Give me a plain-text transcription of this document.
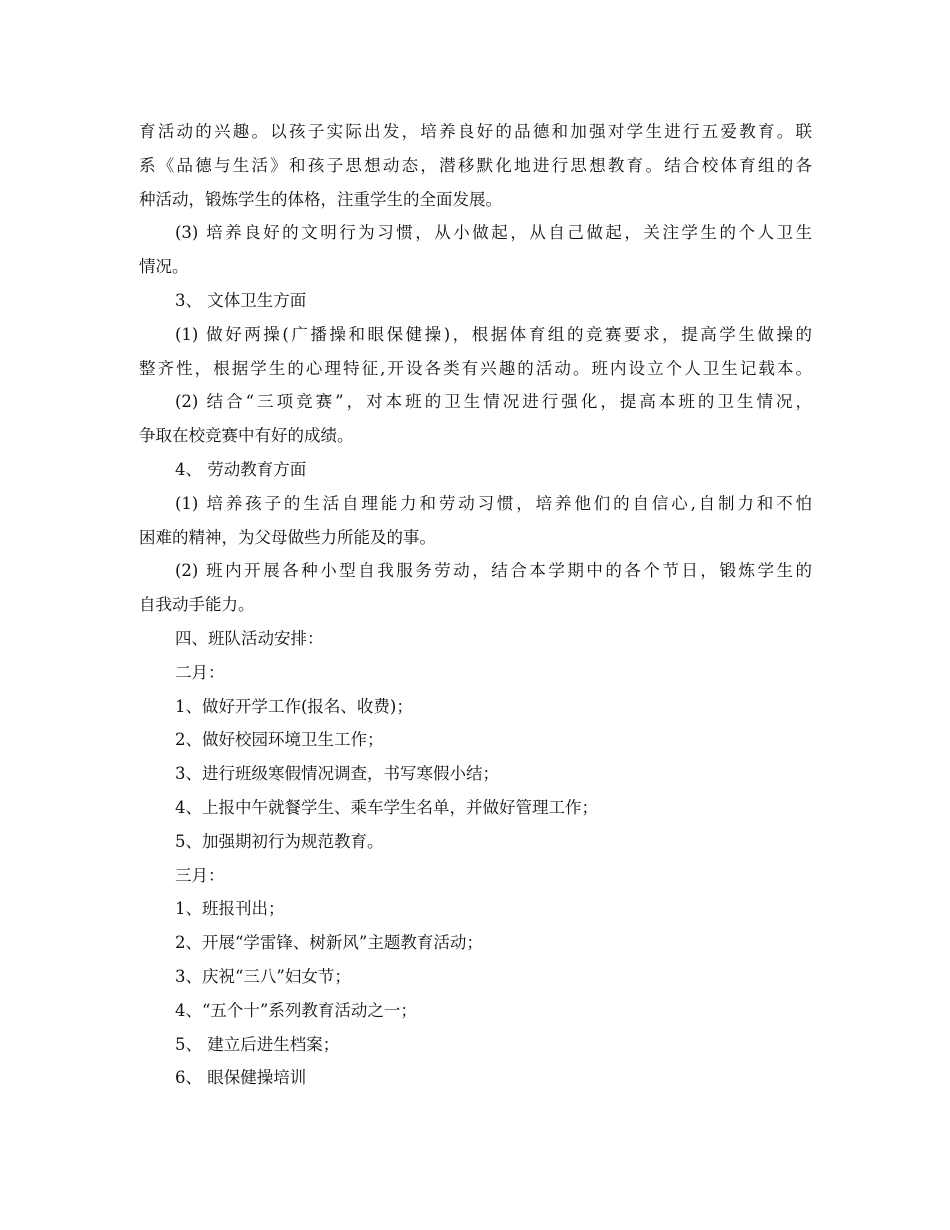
育活动的兴趣。以孩子实际出发，培养良好的品德和加强对学生进行五爱教育。联
系《品德与生活》和孩子思想动态，潜移默化地进行思想教育。结合校体育组的各
种活动，锻炼学生的体格，注重学生的全面发展。
(3) 培养良好的文明行为习惯，从小做起，从自己做起，关注学生的个人卫生
情况。
3、 文体卫生方面
(1) 做好两操(广播操和眼保健操)，根据体育组的竞赛要求，提高学生做操的
整齐性，根据学生的心理特征,开设各类有兴趣的活动。班内设立个人卫生记载本。
(2) 结合“三项竞赛”，对本班的卫生情况进行强化，提高本班的卫生情况，
争取在校竞赛中有好的成绩。
4、 劳动教育方面
(1) 培养孩子的生活自理能力和劳动习惯，培养他们的自信心,自制力和不怕
困难的精神，为父母做些力所能及的事。
(2) 班内开展各种小型自我服务劳动，结合本学期中的各个节日，锻炼学生的
自我动手能力。
四、班队活动安排：
二月：
1、做好开学工作(报名、收费)；
2、做好校园环境卫生工作；
3、进行班级寒假情况调查，书写寒假小结；
4、上报中午就餐学生、乘车学生名单，并做好管理工作；
5、加强期初行为规范教育。
三月：
1、班报刊出；
2、开展“学雷锋、树新风”主题教育活动；
3、庆祝“三八”妇女节；
4、“五个十”系列教育活动之一；
5、 建立后进生档案；
6、 眼保健操培训
